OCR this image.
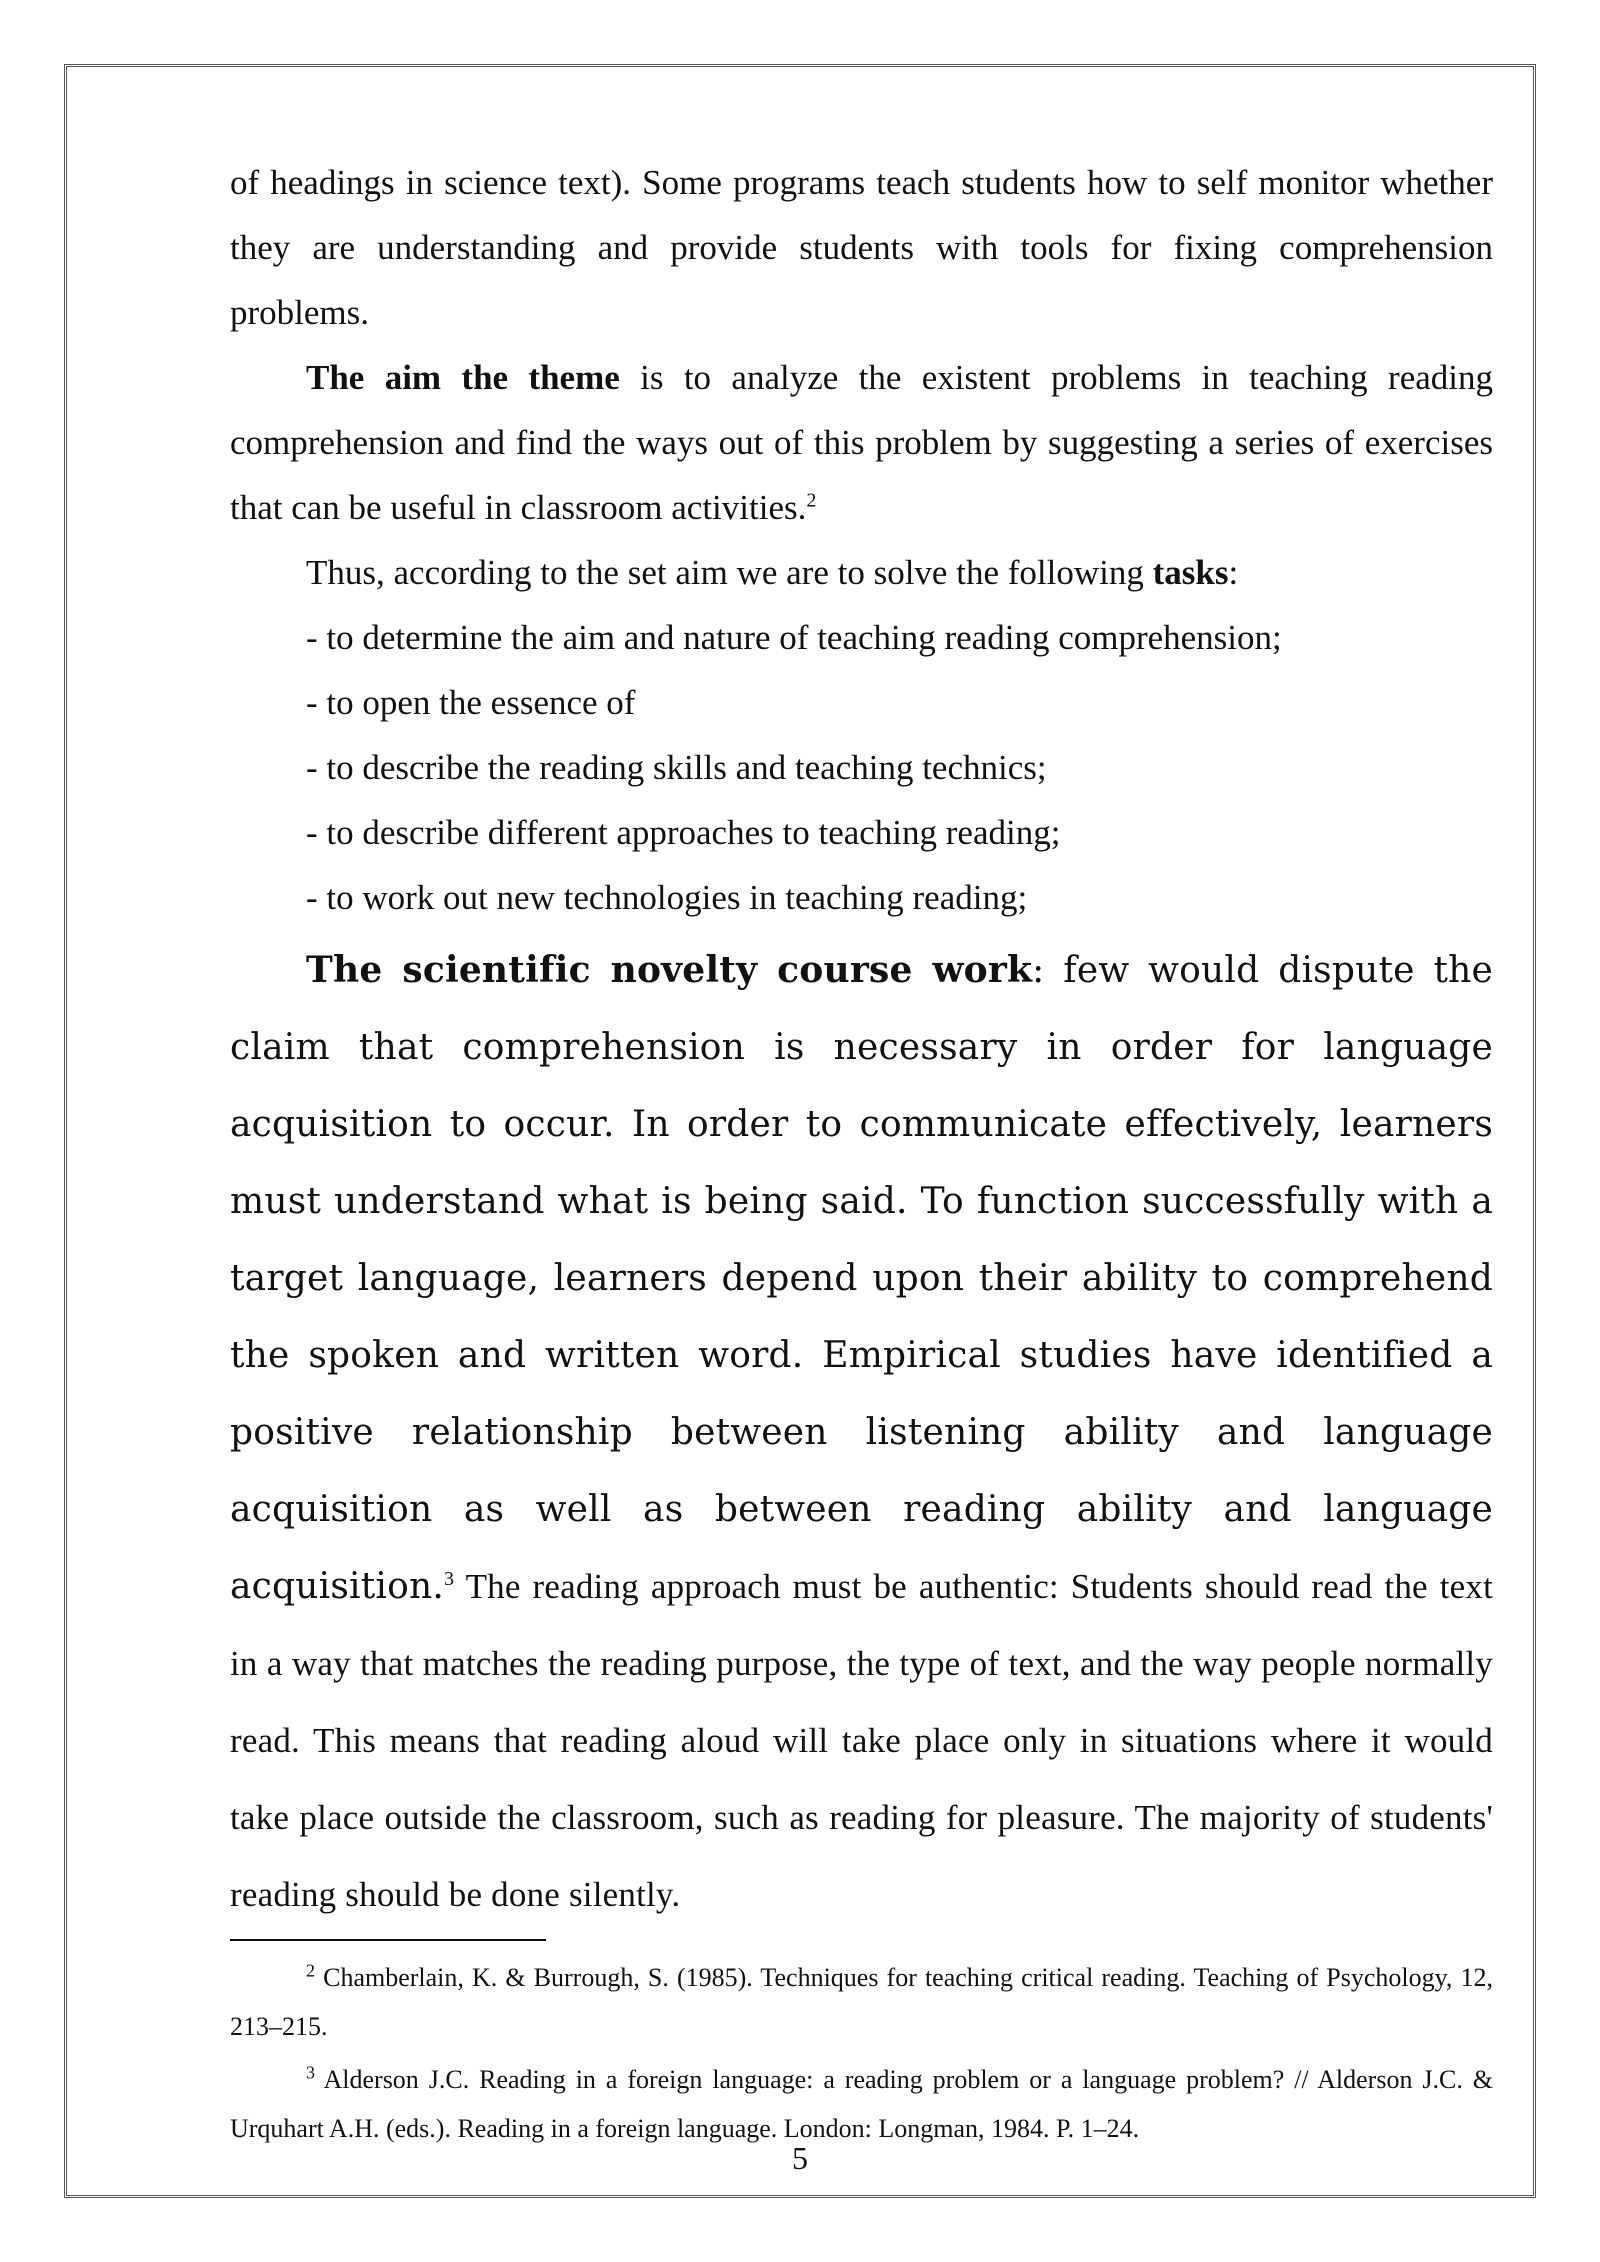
of headings in science text). Some programs teach students how to self monitor whether they are understanding and provide students with tools for fixing comprehension problems.

The aim the theme is to analyze the existent problems in teaching reading comprehension and find the ways out of this problem by suggesting a series of exercises that can be useful in classroom activities.$^2$

Thus, according to the set aim we are to solve the following tasks:

- to determine the aim and nature of teaching reading comprehension;

- to open the essence of

- to describe the reading skills and teaching technics;

- to describe different approaches to teaching reading;

- to work out new technologies in teaching reading;

The scientific novelty course work: few would dispute the claim that comprehension is necessary in order for language acquisition to occur. In order to communicate effectively, learners must understand what is being said. To function successfully with a target language, learners depend upon their ability to comprehend the spoken and written word. Empirical studies have identified a positive relationship between listening ability and language acquisition as well as between reading ability and language acquisition.$^3$ The reading approach must be authentic: Students should read the text in a way that matches the reading purpose, the type of text, and the way people normally read. This means that reading aloud will take place only in situations where it would take place outside the classroom, such as reading for pleasure. The majority of students' reading should be done silently.

$^2$ Chamberlain, K. & Burrough, S. (1985). Techniques for teaching critical reading. Teaching of Psychology, 12, 213–215.

$^3$ Alderson J.C. Reading in a foreign language: a reading problem or a language problem? // Alderson J.C. & Urquhart A.H. (eds.). Reading in a foreign language. London: Longman, 1984. P. 1–24.

5
